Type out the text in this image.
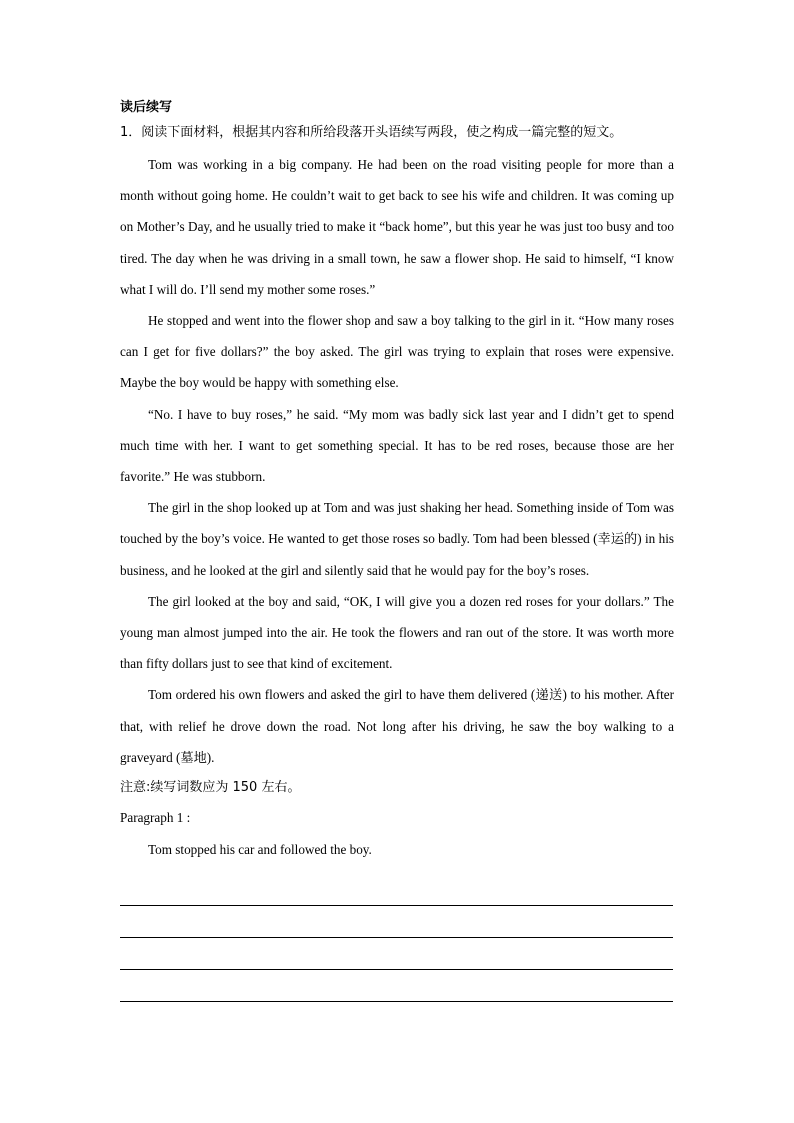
读后续写
1．阅读下面材料，根据其内容和所给段落开头语续写两段，使之构成一篇完整的短文。

Tom was working in a big company. He had been on the road visiting people for more than a month without going home. He couldn’t wait to get back to see his wife and children. It was coming up on Mother’s Day, and he usually tried to make it “back home”, but this year he was just too busy and too tired. The day when he was driving in a small town, he saw a flower shop. He said to himself, “I know what I will do. I’ll send my mother some roses.”

He stopped and went into the flower shop and saw a boy talking to the girl in it. “How many roses can I get for five dollars?” the boy asked. The girl was trying to explain that roses were expensive. Maybe the boy would be happy with something else.

“No. I have to buy roses,” he said. “My mom was badly sick last year and I didn’t get to spend much time with her. I want to get something special. It has to be red roses, because those are her favorite.” He was stubborn.

The girl in the shop looked up at Tom and was just shaking her head. Something inside of Tom was touched by the boy’s voice. He wanted to get those roses so badly. Tom had been blessed (幸运的) in his business, and he looked at the girl and silently said that he would pay for the boy’s roses.

The girl looked at the boy and said, “OK, I will give you a dozen red roses for your dollars.” The young man almost jumped into the air. He took the flowers and ran out of the store. It was worth more than fifty dollars just to see that kind of excitement.

Tom ordered his own flowers and asked the girl to have them delivered (递送) to his mother. After that, with relief he drove down the road. Not long after his driving, he saw the boy walking to a graveyard (墓地).

注意:续写词数应为 150 左右。

Paragraph 1 :

Tom stopped his car and followed the boy.
